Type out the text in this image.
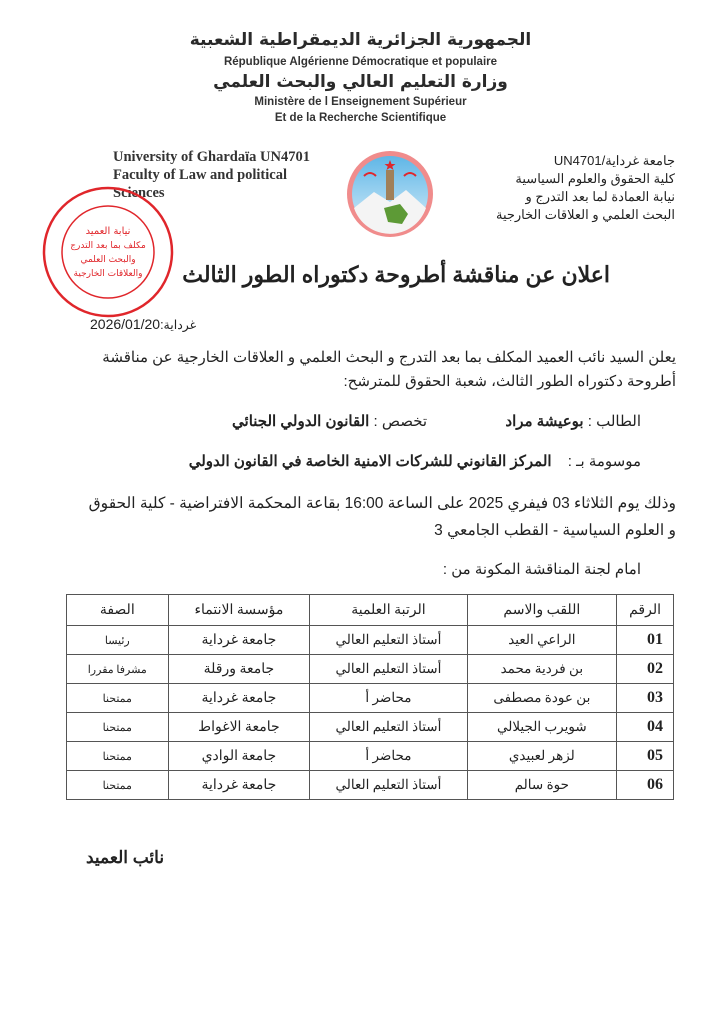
الجمهورية الجزائرية الديمقراطية الشعبية
République Algérienne Démocratique et populaire
وزارة التعليم العالي والبحث العلمي
Ministère de l Enseignement Supérieur
Et de la Recherche Scientifique
University of Ghardaïa UN4701
Faculty of Law and political
Sciences
جامعة غرداية/UN4701
كلية الحقوق والعلوم السياسية
نيابة العمادة لما بعد التدرج و
البحث العلمي و العلاقات الخارجية
نيابة العميد
مكلف بما بعد التدرج
والبحث العلمي
والعلاقات الخارجية	اعلان عن مناقشة أطروحة دكتوراه الطور الثالث
غرداية:2026/01/20
يعلن السيد نائب العميد المكلف بما بعد التدرج و البحث العلمي و العلاقات الخارجية عن مناقشة أطروحة دكتوراه الطور الثالث، شعبة الحقوق للمترشح:
الطالب : بوعيشة مراد  تخصص : القانون الدولي الجنائي
موسومة بـ : المركز القانوني للشركات الامنية الخاصة في القانون الدولي
وذلك يوم الثلاثاء 03 فيفري 2025 على الساعة 16:00 بقاعة المحكمة الافتراضية - كلية الحقوق و العلوم السياسية - القطب الجامعي 3
امام لجنة المناقشة المكونة من :
الرقم	اللقب والاسم	الرتبة العلمية	مؤسسة الانتماء	الصفة
01	الراعي العيد	أستاذ التعليم العالي	جامعة غرداية	رئيسا
02	بن فردية محمد	أستاذ التعليم العالي	جامعة ورقلة	مشرفا مقررا
03	بن عودة مصطفى	محاضر أ	جامعة غرداية	ممتحنا
04	شويرب الجيلالي	أستاذ التعليم العالي	جامعة الاغواط	ممتحنا
05	لزهر لعبيدي	محاضر أ	جامعة الوادي	ممتحنا
06	حوة سالم	أستاذ التعليم العالي	جامعة غرداية	ممتحنا
نائب العميد
